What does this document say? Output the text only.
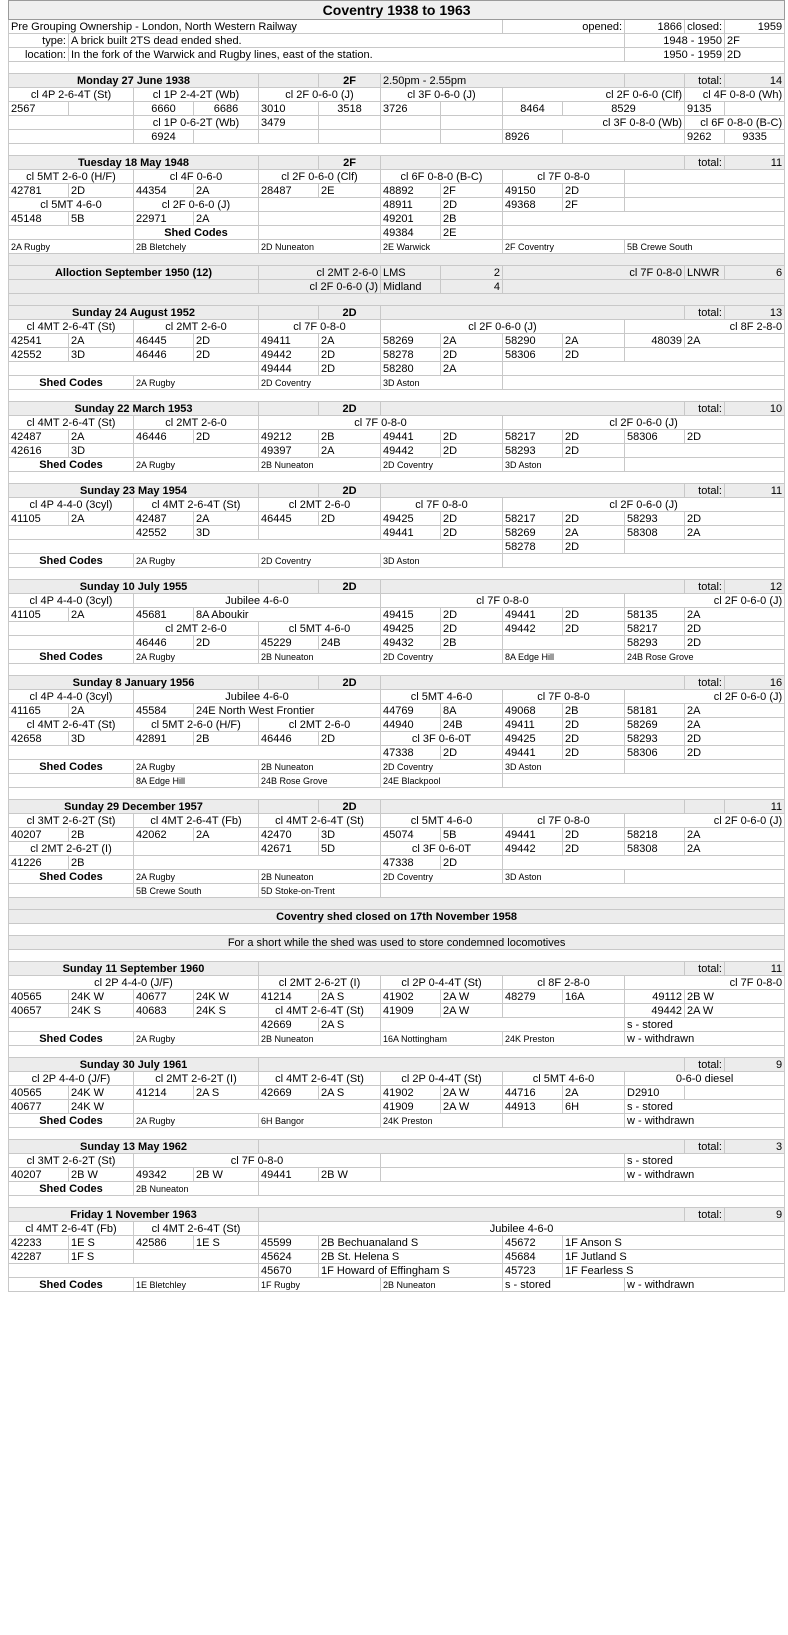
Coventry 1938 to 1963												
Pre Grouping Ownership - London, North Western Railway								opened:		1866	closed:	1959
type:	A brick built 2TS dead ended shed.									1948 - 1950		2F
location:	In the fork of the Warwick and Rugby lines, east of the station.									1950 - 1959		2D

Monday 27 June 1938					2F	2.50pm - 2.55pm					total:	14
cl 4P 2-6-4T (St)		cl 1P 2-4-2T (Wb)		cl 2F 0-6-0 (J)		cl 3F 0-6-0 (J)		cl 2F 0-6-0 (Clf)			cl 4F 0-8-0 (Wh)	
2567		6660	6686	3010	3518	3726		8464	8529		9135	
		cl 1P 0-6-2T (Wb)		3479				cl 3F 0-8-0 (Wb)			cl 6F 0-8-0 (B-C)	
		6924						8926			9262	9335

Tuesday 18 May 1948					2F						total:	11
cl 5MT 2-6-0 (H/F)		cl 4F 0-6-0		cl 2F 0-6-0 (Clf)		cl 6F 0-8-0 (B-C)		cl 7F 0-8-0				
42781	2D	44354	2A	28487	2E	48892	2F	49150	2D			
cl 5MT 4-6-0		cl 2F 0-6-0 (J)				48911	2D	49368	2F			
45148	5B	22971	2A			49201	2B					
		Shed Codes				49384	2E					
2A Rugby		2B Bletchely		2D Nuneaton		2E Warwick		2F Coventry		5B Crewe South		

Alloction September 1950 (12)				cl 2MT 2-6-0		LMS	2	cl 7F 0-8-0			LNWR	6
				cl 2F 0-6-0 (J)		Midland	4					

Sunday 24 August 1952					2D						total:	13
cl 4MT 2-6-4T (St)		cl 2MT 2-6-0		cl 7F 0-8-0		cl 2F 0-6-0 (J)				cl 8F 2-8-0		
42541	2A	46445	2D	49411	2A	58269	2A	58290	2A	48039	2A	
42552	3D	46446	2D	49442	2D	58278	2D	58306	2D			
				49444	2D	58280	2A					
Shed Codes		2A Rugby		2D Coventry		3D Aston						

Sunday 22 March 1953					2D						total:	10
cl 4MT 2-6-4T (St)		cl 2MT 2-6-0		cl 7F 0-8-0				cl 2F 0-6-0 (J)				
42487	2A	46446	2D	49212	2B	49441	2D	58217	2D	58306	2D	
42616	3D			49397	2A	49442	2D	58293	2D			
Shed Codes		2A Rugby		2B Nuneaton		2D Coventry		3D Aston				

Sunday 23 May 1954					2D						total:	11
cl 4P 4-4-0 (3cyl)		cl 4MT 2-6-4T (St)		cl 2MT 2-6-0		cl 7F 0-8-0		cl 2F 0-6-0 (J)				
41105	2A	42487	2A	46445	2D	49425	2D	58217	2D	58293	2D	
		42552	3D			49441	2D	58269	2A	58308	2A	
								58278	2D			
Shed Codes		2A Rugby		2D Coventry		3D Aston						

Sunday 10 July 1955					2D						total:	12
cl 4P 4-4-0 (3cyl)		Jubilee 4-6-0				cl 7F 0-8-0				cl 2F 0-6-0 (J)		
41105	2A	45681	8A Aboukir			49415	2D	49441	2D	58135	2A	
		cl 2MT 2-6-0		cl 5MT 4-6-0		49425	2D	49442	2D	58217	2D	
		46446	2D	45229	24B	49432	2B			58293	2D	
Shed Codes		2A Rugby		2B Nuneaton		2D Coventry		8A Edge Hill		24B Rose Grove		

Sunday 8 January 1956					2D						total:	16
cl 4P 4-4-0 (3cyl)		Jubilee 4-6-0				cl 5MT 4-6-0		cl 7F 0-8-0		cl 2F 0-6-0 (J)		
41165	2A	45584	24E North West Frontier			44769	8A	49068	2B	58181	2A	
cl 4MT 2-6-4T (St)		cl 5MT 2-6-0 (H/F)		cl 2MT 2-6-0		44940	24B	49411	2D	58269	2A	
42658	3D	42891	2B	46446	2D	cl 3F 0-6-0T		49425	2D	58293	2D	
						47338	2D	49441	2D	58306	2D	
Shed Codes		2A Rugby		2B Nuneaton		2D Coventry		3D Aston				
		8A Edge Hill		24B Rose Grove		24E Blackpool						

Sunday 29 December 1957					2D							11
cl 3MT 2-6-2T (St)		cl 4MT 2-6-4T (Fb)		cl 4MT 2-6-4T (St)		cl 5MT 4-6-0		cl 7F 0-8-0		cl 2F 0-6-0 (J)		
40207	2B	42062	2A	42470	3D	45074	5B	49441	2D	58218	2A	
cl 2MT 2-6-2T (I)				42671	5D	cl 3F 0-6-0T		49442	2D	58308	2A	
41226	2B					47338	2D					
Shed Codes		2A Rugby		2B Nuneaton		2D Coventry		3D Aston				
		5B Crewe South		5D Stoke-on-Trent								

Coventry shed closed on 17th November 1958												

For a short while the shed was used to store condemned locomotives												

Sunday 11 September 1960											total:	11
cl 2P 4-4-0 (J/F)				cl 2MT 2-6-2T (I)		cl 2P 0-4-4T (St)		cl 8F 2-8-0		cl 7F 0-8-0		
40565	24K W	40677	24K W	41214	2A S	41902	2A W	48279	16A	49112	2B W	
40657	24K S	40683	24K S	cl 4MT 2-6-4T (St)		41909	2A W			49442	2A W	
				42669	2A S					s - stored		
Shed Codes		2A Rugby		2B Nuneaton		16A Nottingham		24K Preston		w - withdrawn		

Sunday 30 July 1961											total:	9
cl 2P 4-4-0 (J/F)		cl 2MT 2-6-2T (I)		cl 4MT 2-6-4T (St)		cl 2P 0-4-4T (St)		cl 5MT 4-6-0		0-6-0 diesel		
40565	24K W	41214	2A S	42669	2A S	41902	2A W	44716	2A	D2910		
40677	24K W					41909	2A W	44913	6H	s - stored		
Shed Codes		2A Rugby		6H Bangor		24K Preston				w - withdrawn		

Sunday 13 May 1962											total:	3
cl 3MT 2-6-2T (St)		cl 7F 0-8-0								s - stored		
40207	2B W	49342	2B W	49441	2B W					w - withdrawn		
Shed Codes		2B Nuneaton										

Friday 1 November 1963											total:	9
cl 4MT 2-6-4T (Fb)		cl 4MT 2-6-4T (St)		Jubilee 4-6-0								
42233	1E S	42586	1E S	45599	2B Bechuanaland S			45672	1F Anson S			
42287	1F S			45624	2B St. Helena S			45684	1F Jutland S			
				45670	1F Howard of Effingham S			45723	1F Fearless S			
Shed Codes		1E Bletchley		1F Rugby		2B Nuneaton		s - stored		w - withdrawn		
